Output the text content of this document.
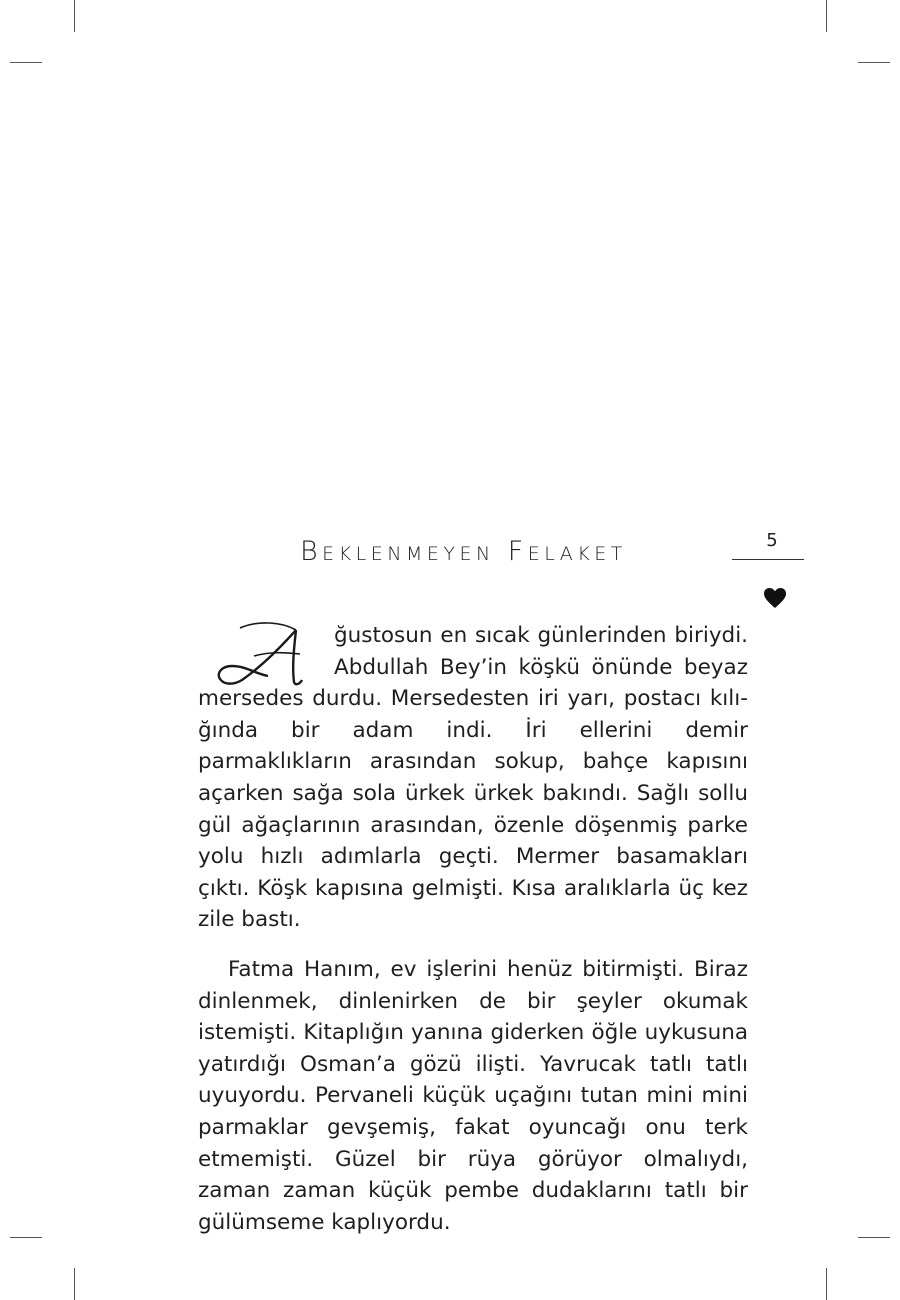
Beklenmeyen Felaket	5

ğustosun en sıcak günlerinden biriydi. Abdullah Bey’in köşkü önünde beyaz mersedes durdu. Mersedesten iri yarı, postacı kılığında bir adam indi. İri ellerini demir parmaklıkların arasından sokup, bahçe kapısını açarken sağa sola ürkek ürkek bakındı. Sağlı sollu gül ağaçlarının arasından, özenle döşenmiş parke yolu hızlı adımlarla geçti. Mermer basamakları çıktı. Köşk kapısına gelmişti. Kısa aralıklarla üç kez zile bastı.

Fatma Hanım, ev işlerini henüz bitirmişti. Biraz dinlenmek, dinlenirken de bir şeyler okumak istemişti. Kitaplığın yanına giderken öğle uykusuna yatırdığı Osman’a gözü ilişti. Yavrucak tatlı tatlı uyuyordu. Pervaneli küçük uçağını tutan mini mini parmaklar gevşemiş, fakat oyuncağı onu terk etmemişti. Güzel bir rüya görüyor olmalıydı, zaman zaman küçük pembe dudaklarını tatlı bir gülümseme kaplıyordu.
